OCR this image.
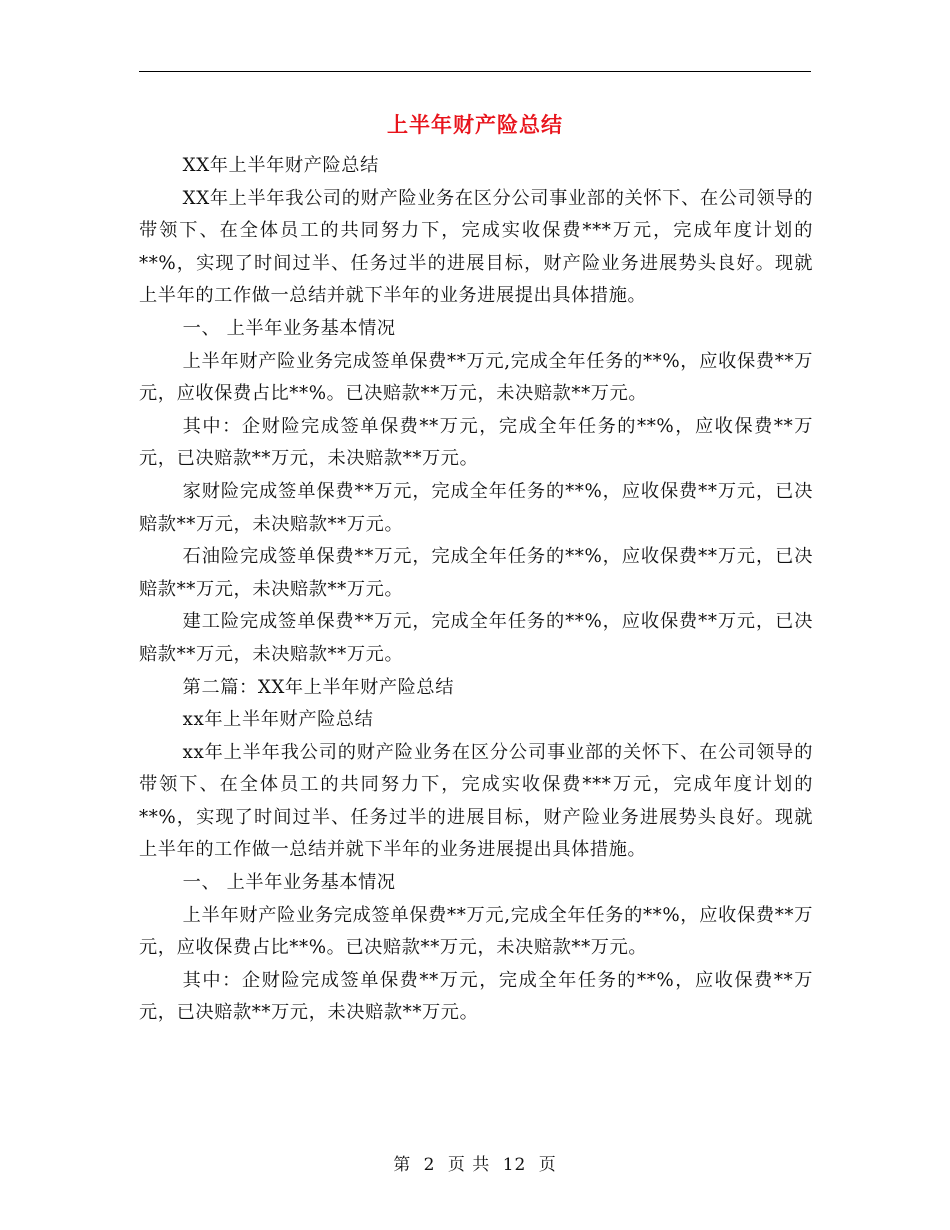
上半年财产险总结

XX年上半年财产险总结

XX年上半年我公司的财产险业务在区分公司事业部的关怀下、在公司领导的带领下、在全体员工的共同努力下，完成实收保费***万元，完成年度计划的**%，实现了时间过半、任务过半的进展目标，财产险业务进展势头良好。现就上半年的工作做一总结并就下半年的业务进展提出具体措施。

一、 上半年业务基本情况

上半年财产险业务完成签单保费**万元,完成全年任务的**%，应收保费**万元，应收保费占比**%。已决赔款**万元，未决赔款**万元。

其中：企财险完成签单保费**万元，完成全年任务的**%，应收保费**万元，已决赔款**万元，未决赔款**万元。

家财险完成签单保费**万元，完成全年任务的**%，应收保费**万元，已决赔款**万元，未决赔款**万元。

石油险完成签单保费**万元，完成全年任务的**%，应收保费**万元，已决赔款**万元，未决赔款**万元。

建工险完成签单保费**万元，完成全年任务的**%，应收保费**万元，已决赔款**万元，未决赔款**万元。

第二篇：XX年上半年财产险总结

xx年上半年财产险总结

xx年上半年我公司的财产险业务在区分公司事业部的关怀下、在公司领导的带领下、在全体员工的共同努力下，完成实收保费***万元，完成年度计划的**%，实现了时间过半、任务过半的进展目标，财产险业务进展势头良好。现就上半年的工作做一总结并就下半年的业务进展提出具体措施。

一、 上半年业务基本情况

上半年财产险业务完成签单保费**万元,完成全年任务的**%，应收保费**万元，应收保费占比**%。已决赔款**万元，未决赔款**万元。

其中：企财险完成签单保费**万元，完成全年任务的**%，应收保费**万元，已决赔款**万元，未决赔款**万元。

第 2 页 共 12 页
